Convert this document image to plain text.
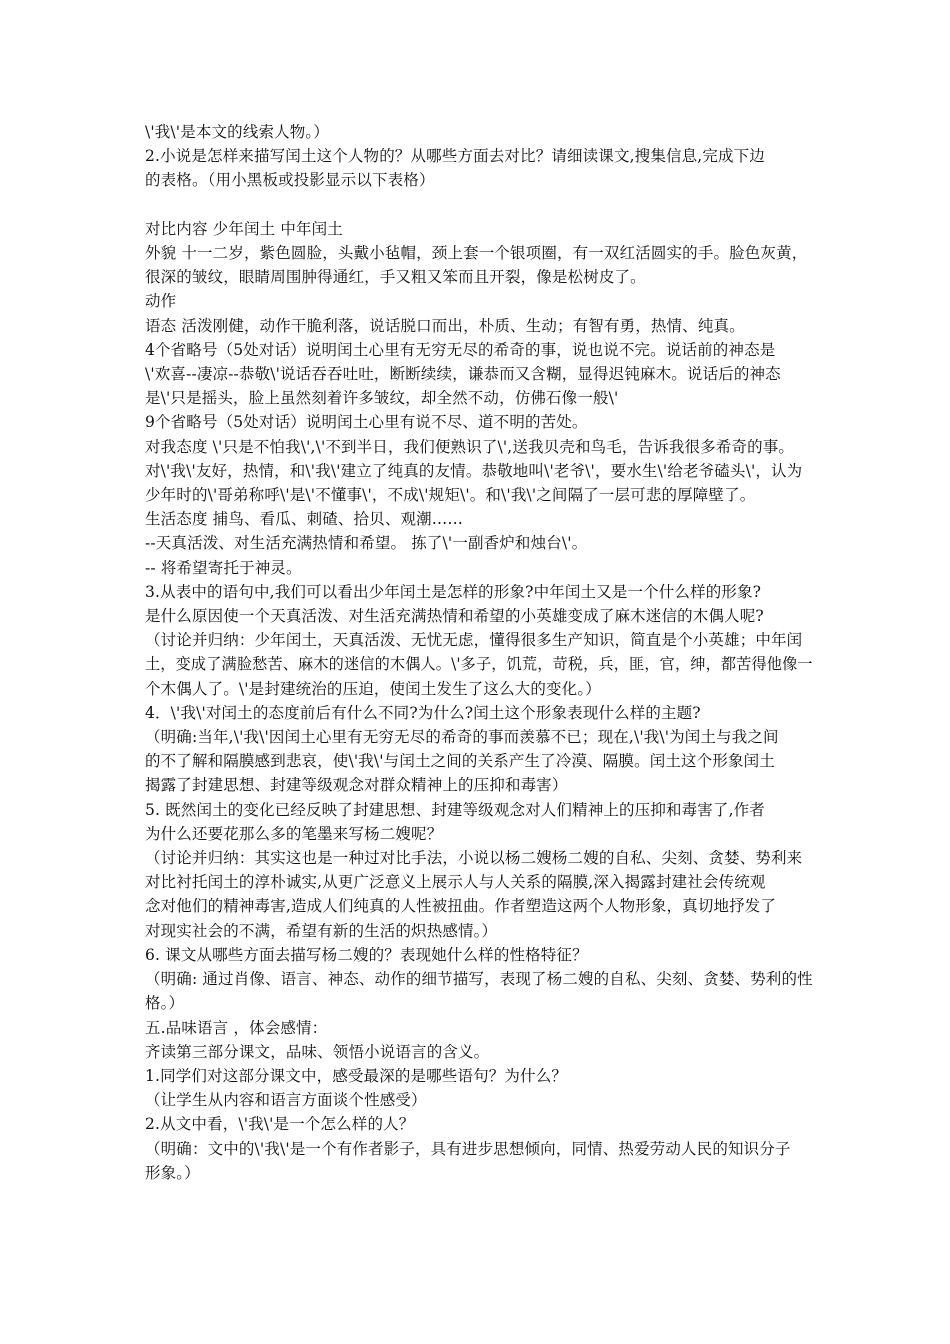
\'我\'是本文的线索人物。）
2.小说是怎样来描写闰土这个人物的？从哪些方面去对比？请细读课文,搜集信息,完成下边
的表格。（用小黑板或投影显示以下表格）
对比内容 少年闰土 中年闰土
外貌 十一二岁，紫色圆脸，头戴小毡帽，颈上套一个银项圈，有一双红活圆实的手。脸色灰黄，
很深的皱纹，眼睛周围肿得通红，手又粗又笨而且开裂，像是松树皮了。
动作
语态 活泼刚健，动作干脆利落，说话脱口而出，朴质、生动；有智有勇，热情、纯真。
4个省略号（5处对话）说明闰土心里有无穷无尽的希奇的事，说也说不完。说话前的神态是
\'欢喜--凄凉--恭敬\'说话吞吞吐吐，断断续续，谦恭而又含糊，显得迟钝麻木。说话后的神态
是\'只是摇头，脸上虽然刻着许多皱纹，却全然不动，仿佛石像一般\'
9个省略号（5处对话）说明闰土心里有说不尽、道不明的苦处。
对我态度 \'只是不怕我\',\'不到半日，我们便熟识了\',送我贝壳和鸟毛，告诉我很多希奇的事。
对\'我\'友好，热情，和\'我\'建立了纯真的友情。恭敬地叫\'老爷\'，要水生\'给老爷磕头\'，认为
少年时的\'哥弟称呼\'是\'不懂事\'，不成\'规矩\'。和\'我\'之间隔了一层可悲的厚障壁了。
生活态度 捕鸟、看瓜、刺碴、拾贝、观潮……
--天真活泼、对生活充满热情和希望。 拣了\'一副香炉和烛台\'。
-- 将希望寄托于神灵。
3.从表中的语句中,我们可以看出少年闰土是怎样的形象?中年闰土又是一个什么样的形象?
是什么原因使一个天真活泼、对生活充满热情和希望的小英雄变成了麻木迷信的木偶人呢?
（讨论并归纳：少年闰土，天真活泼、无忧无虑，懂得很多生产知识，简直是个小英雄；中年闰
土，变成了满脸愁苦、麻木的迷信的木偶人。\'多子，饥荒，苛税，兵，匪，官，绅，都苦得他像一
个木偶人了。\'是封建统治的压迫，使闰土发生了这么大的变化。）
4．\'我\'对闰土的态度前后有什么不同?为什么?闰土这个形象表现什么样的主题?
（明确:当年,\'我\'因闰土心里有无穷无尽的希奇的事而羡慕不已；现在,\'我\'为闰土与我之间
的不了解和隔膜感到悲哀，使\'我\'与闰土之间的关系产生了冷漠、隔膜。闰土这个形象闰土
揭露了封建思想、封建等级观念对群众精神上的压抑和毒害）
5. 既然闰土的变化已经反映了封建思想、封建等级观念对人们精神上的压抑和毒害了,作者
为什么还要花那么多的笔墨来写杨二嫂呢？
（讨论并归纳：其实这也是一种过对比手法，小说以杨二嫂杨二嫂的自私、尖刻、贪婪、势利来
对比衬托闰土的淳朴诚实,从更广泛意义上展示人与人关系的隔膜,深入揭露封建社会传统观
念对他们的精神毒害,造成人们纯真的人性被扭曲。作者塑造这两个人物形象，真切地抒发了
对现实社会的不满，希望有新的生活的炽热感情。）
6. 课文从哪些方面去描写杨二嫂的？表现她什么样的性格特征？
（明确: 通过肖像、语言、神态、动作的细节描写，表现了杨二嫂的自私、尖刻、贪婪、势利的性
格。）
五.品味语言 ，体会感情：
齐读第三部分课文，品味、领悟小说语言的含义。
1.同学们对这部分课文中，感受最深的是哪些语句？为什么？
（让学生从内容和语言方面谈个性感受）
2.从文中看，\'我\'是一个怎么样的人？
（明确：文中的\'我\'是一个有作者影子，具有进步思想倾向，同情、热爱劳动人民的知识分子
形象。）
